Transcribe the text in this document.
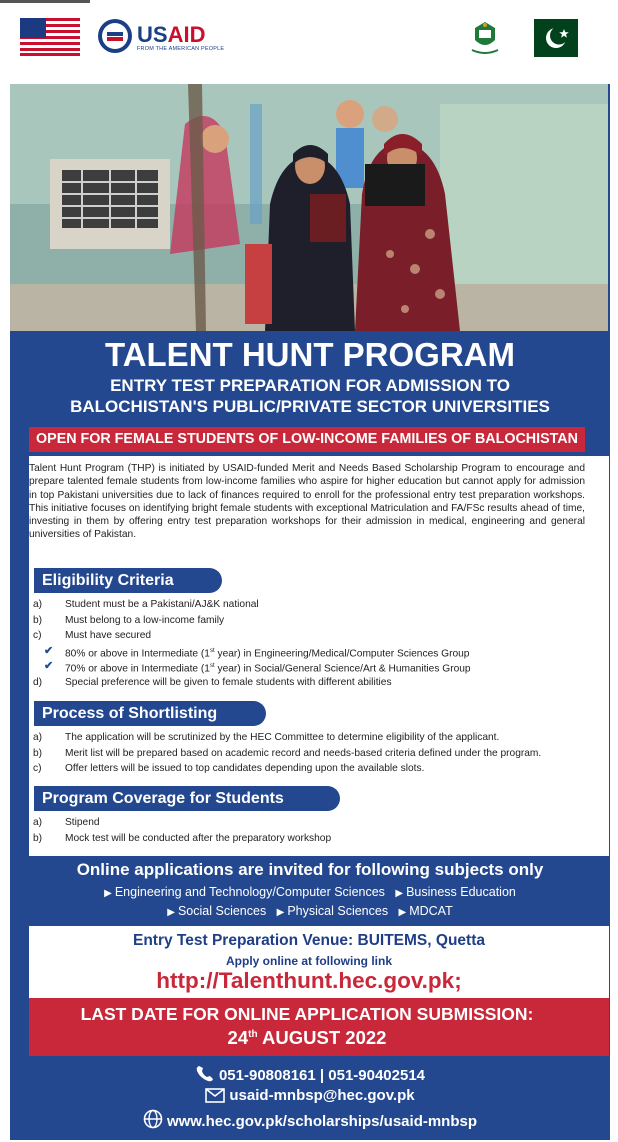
USAID
FROM THE AMERICAN PEOPLE
TALENT HUNT PROGRAM
ENTRY TEST PREPARATION FOR ADMISSION TO
BALOCHISTAN'S PUBLIC/PRIVATE SECTOR UNIVERSITIES
OPEN FOR FEMALE STUDENTS OF LOW-INCOME FAMILIES OF BALOCHISTAN
Talent Hunt Program (THP) is initiated by USAID-funded Merit and Needs Based Scholarship Program to encourage and prepare talented female students from low-income families who aspire for higher education but cannot apply for admission in top Pakistani universities due to lack of finances required to enroll for the professional entry test preparation workshops. This initiative focuses on identifying bright female students with exceptional Matriculation and FA/FSc results ahead of time, investing in them by offering entry test preparation workshops for their admission in medical, engineering and general universities of Pakistan.
Eligibility Criteria
a)	Student must be a Pakistani/AJ&K national
b)	Must belong to a low-income family
c)	Must have secured
✔ 80% or above in Intermediate (1st year) in Engineering/Medical/Computer Sciences Group
✔ 70% or above in Intermediate (1st year) in Social/General Science/Art & Humanities Group
d)	Special preference will be given to female students with different abilities
Process of Shortlisting
a)	The application will be scrutinized by the HEC Committee to determine eligibility of the applicant.
b)	Merit list will be prepared based on academic record and needs-based criteria defined under the program.
c)	Offer letters will be issued to top candidates depending upon the available slots.
Program Coverage for Students
a)	Stipend
b)	Mock test will be conducted after the preparatory workshop
Online applications are invited for following subjects only
▶ Engineering and Technology/Computer Sciences ▶ Business Education
▶ Social Sciences ▶ Physical Sciences ▶ MDCAT
Entry Test Preparation Venue: BUITEMS, Quetta
Apply online at following link
http://Talenthunt.hec.gov.pk;
LAST DATE FOR ONLINE APPLICATION SUBMISSION:
24th AUGUST 2022
051-90808161 | 051-90402514
usaid-mnbsp@hec.gov.pk
www.hec.gov.pk/scholarships/usaid-mnbsp
